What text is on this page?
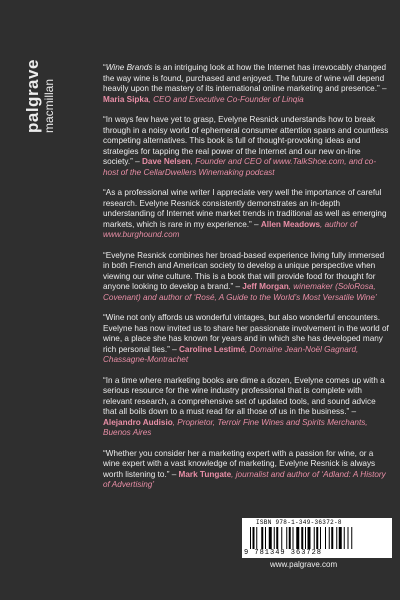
palgrave macmillan

“Wine Brands is an intriguing look at how the Internet has irrevocably changed the way wine is found, purchased and enjoyed. The future of wine will depend heavily upon the mastery of its international online marketing and presence.” – Maria Sipka, CEO and Executive Co-Founder of Linqia

“In ways few have yet to grasp, Evelyne Resnick understands how to break through in a noisy world of ephemeral consumer attention spans and countless competing alternatives. This book is full of thought-provoking ideas and strategies for tapping the real power of the Internet and our new on-line society.” – Dave Nelsen, Founder and CEO of www.TalkShoe.com, and co-host of the CellarDwellers Winemaking podcast

“As a professional wine writer I appreciate very well the importance of careful research. Evelyne Resnick consistently demonstrates an in-depth understanding of Internet wine market trends in traditional as well as emerging markets, which is rare in my experience.” – Allen Meadows, author of www.burghound.com

“Evelyne Resnick combines her broad-based experience living fully immersed in both French and American society to develop a unique perspective when viewing our wine culture. This is a book that will provide food for thought for anyone looking to develop a brand.” – Jeff Morgan, winemaker (SoloRosa, Covenant) and author of ‘Rosé, A Guide to the World’s Most Versatile Wine’

“Wine not only affords us wonderful vintages, but also wonderful encounters. Evelyne has now invited us to share her passionate involvement in the world of wine, a place she has known for years and in which she has developed many rich personal ties.” – Caroline Lestimé, Domaine Jean-Noël Gagnard, Chassagne-Montrachet

“In a time where marketing books are dime a dozen, Evelyne comes up with a serious resource for the wine industry professional that is complete with relevant research, a comprehensive set of updated tools, and sound advice that all boils down to a must read for all those of us in the business.” – Alejandro Audisio, Proprietor, Terroir Fine Wines and Spirits Merchants, Buenos Aires

“Whether you consider her a marketing expert with a passion for wine, or a wine expert with a vast knowledge of marketing, Evelyne Resnick is always worth listening to.” – Mark Tungate, journalist and author of ‘Adland: A History of Advertising’

ISBN 978-1-349-36372-8
9 781349 363728
www.palgrave.com
